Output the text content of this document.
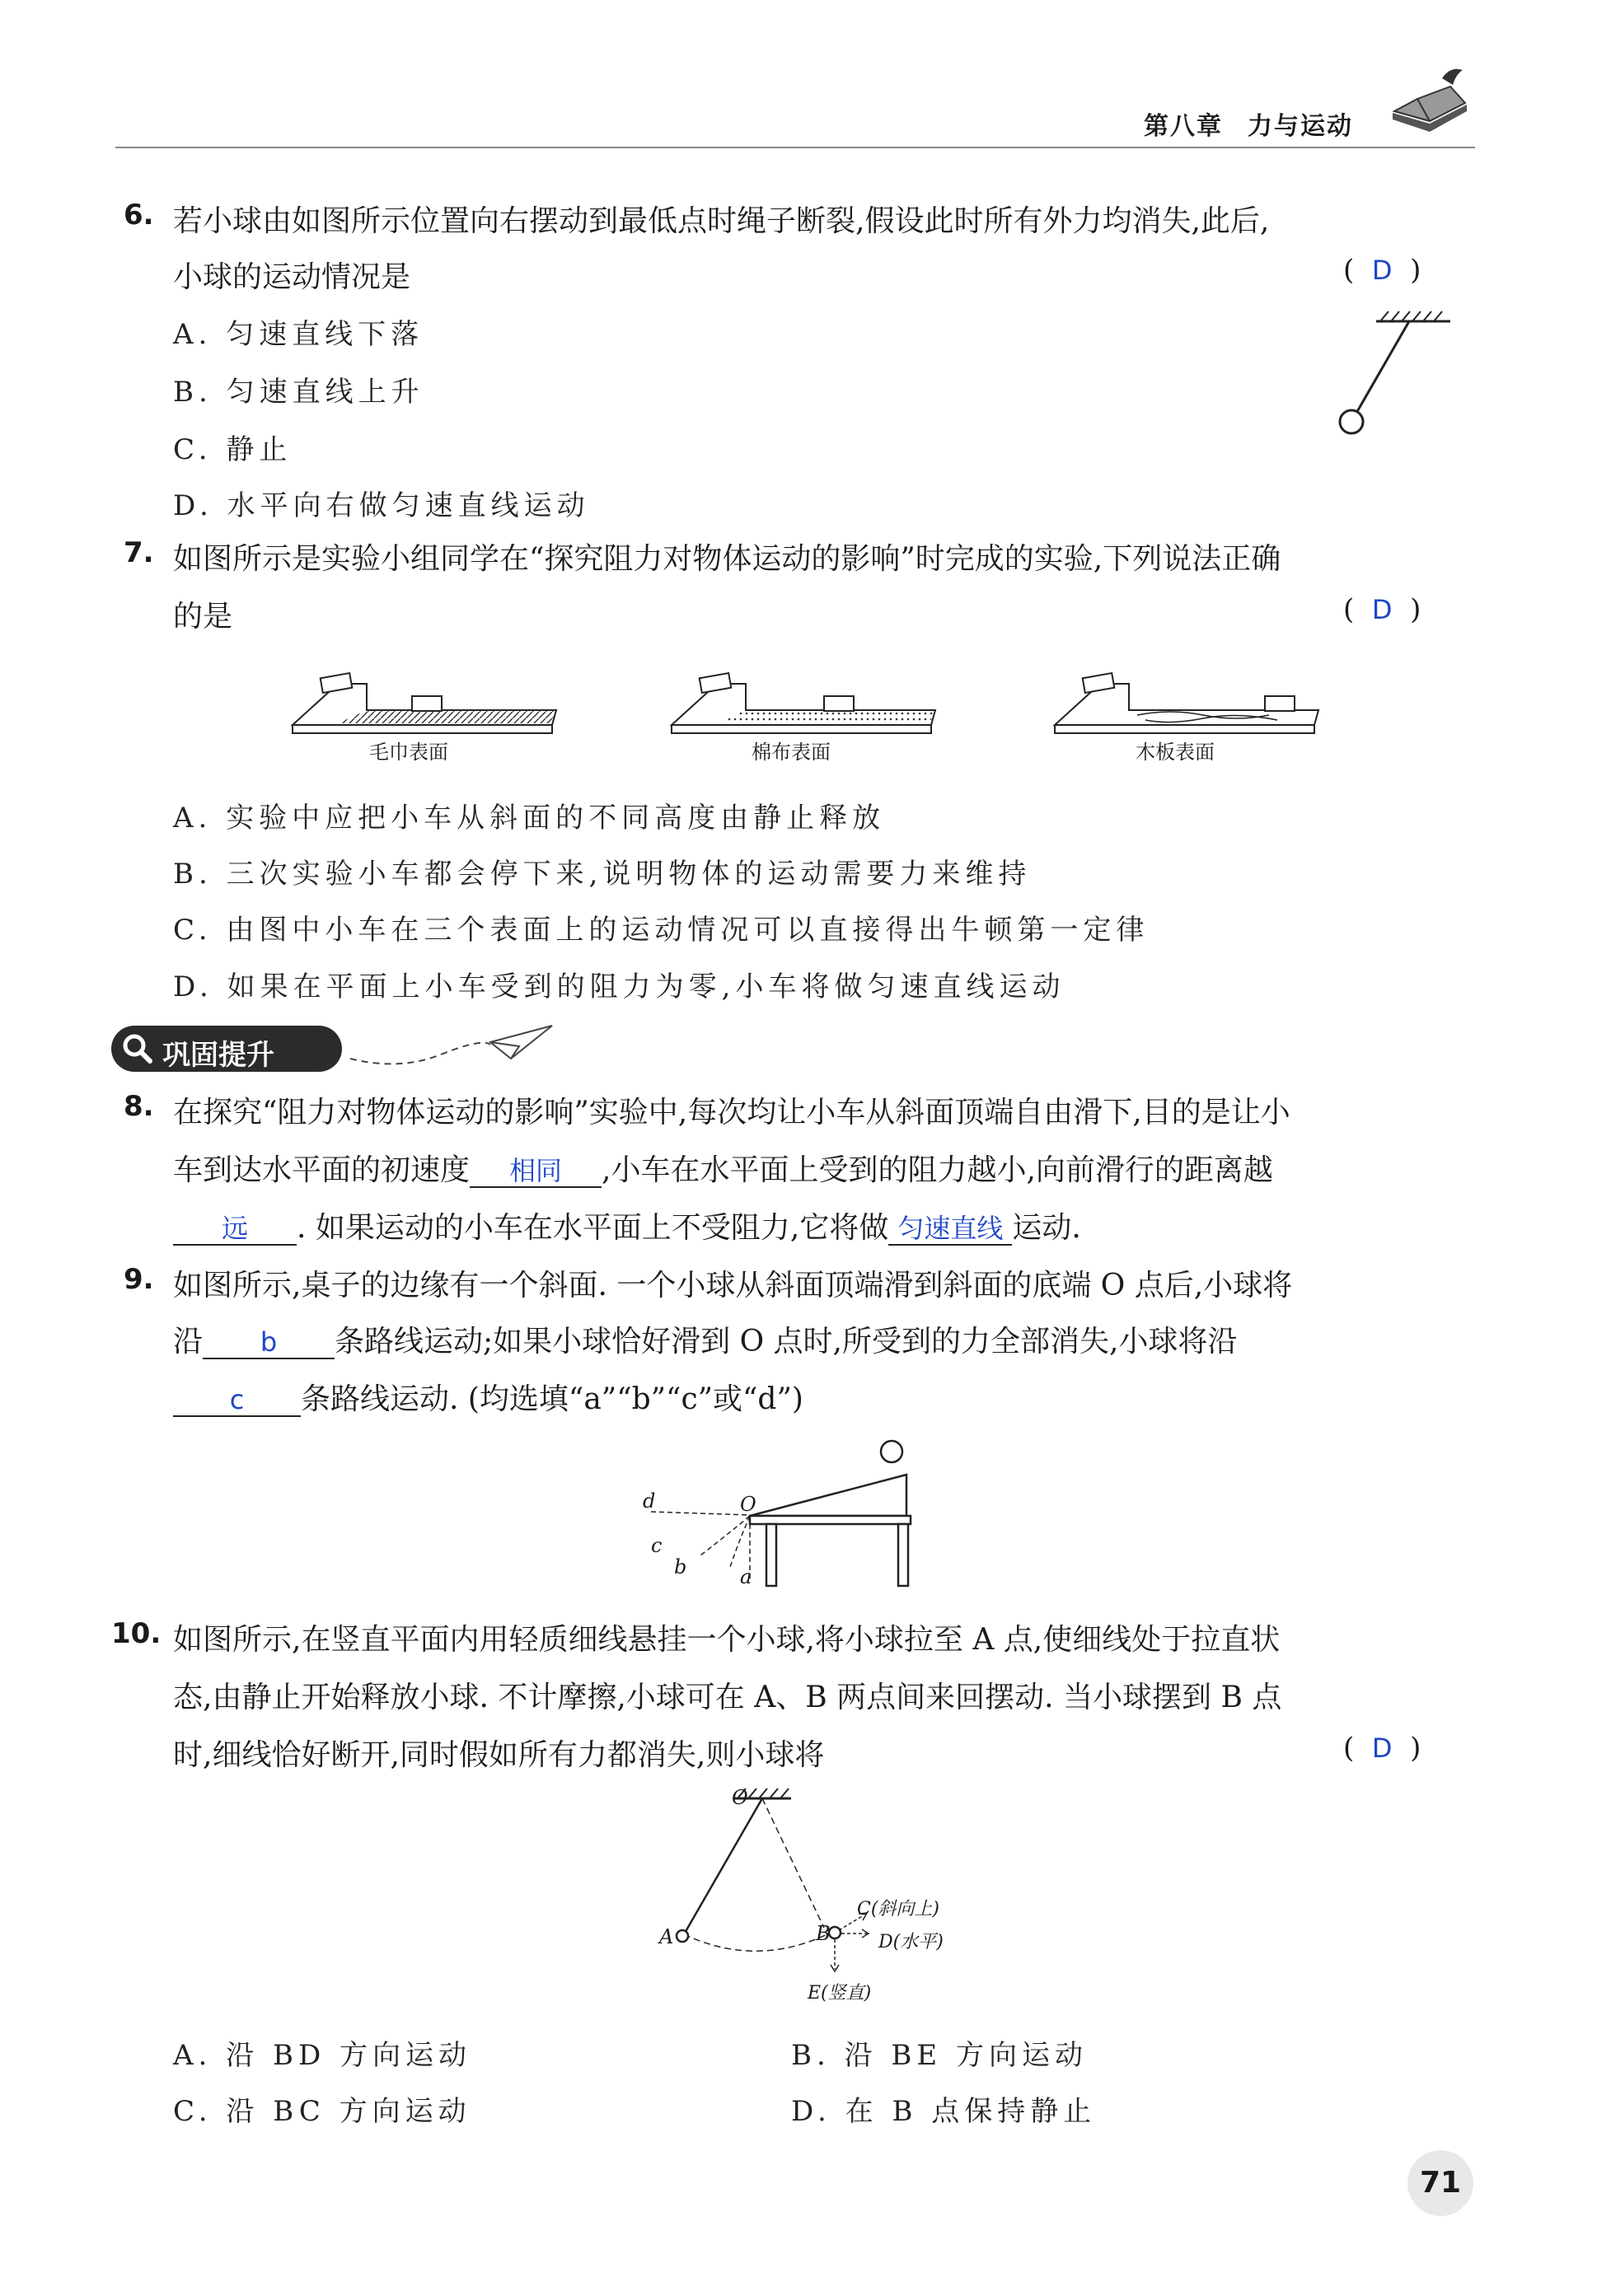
第八章 力与运动
6. 若小球由如图所示位置向右摆动到最低点时绳子断裂,假设此时所有外力均消失,此后,
小球的运动情况是	(  D  )
A. 匀速直线下落
B. 匀速直线上升
C. 静止
D. 水平向右做匀速直线运动
7. 如图所示是实验小组同学在“探究阻力对物体运动的影响”时完成的实验,下列说法正确
的是	(  D  )
毛巾表面	棉布表面	木板表面
A. 实验中应把小车从斜面的不同高度由静止释放
B. 三次实验小车都会停下来,说明物体的运动需要力来维持
C. 由图中小车在三个表面上的运动情况可以直接得出牛顿第一定律
D. 如果在平面上小车受到的阻力为零,小车将做匀速直线运动
巩固提升
8. 在探究“阻力对物体运动的影响”实验中,每次均让小车从斜面顶端自由滑下,目的是让小
车到达水平面的初速度 相同 ,小车在水平面上受到的阻力越小,向前滑行的距离越
远 . 如果运动的小车在水平面上不受阻力,它将做 匀速直线 运动.
9. 如图所示,桌子的边缘有一个斜面. 一个小球从斜面顶端滑到斜面的底端 O 点后,小球将
沿 b 条路线运动;如果小球恰好滑到 O 点时,所受到的力全部消失,小球将沿
c 条路线运动. (均选填“a”“b”“c”或“d”)
d	O
c
b	a
10. 如图所示,在竖直平面内用轻质细线悬挂一个小球,将小球拉至 A 点,使细线处于拉直状
态,由静止开始释放小球. 不计摩擦,小球可在 A、B 两点间来回摆动. 当小球摆到 B 点
时,细线恰好断开,同时假如所有力都消失,则小球将	(  D  )
O
A	B
C(斜向上)
D(水平)
E(竖直)
A. 沿 BD 方向运动	B. 沿 BE 方向运动
C. 沿 BC 方向运动	D. 在 B 点保持静止
71
